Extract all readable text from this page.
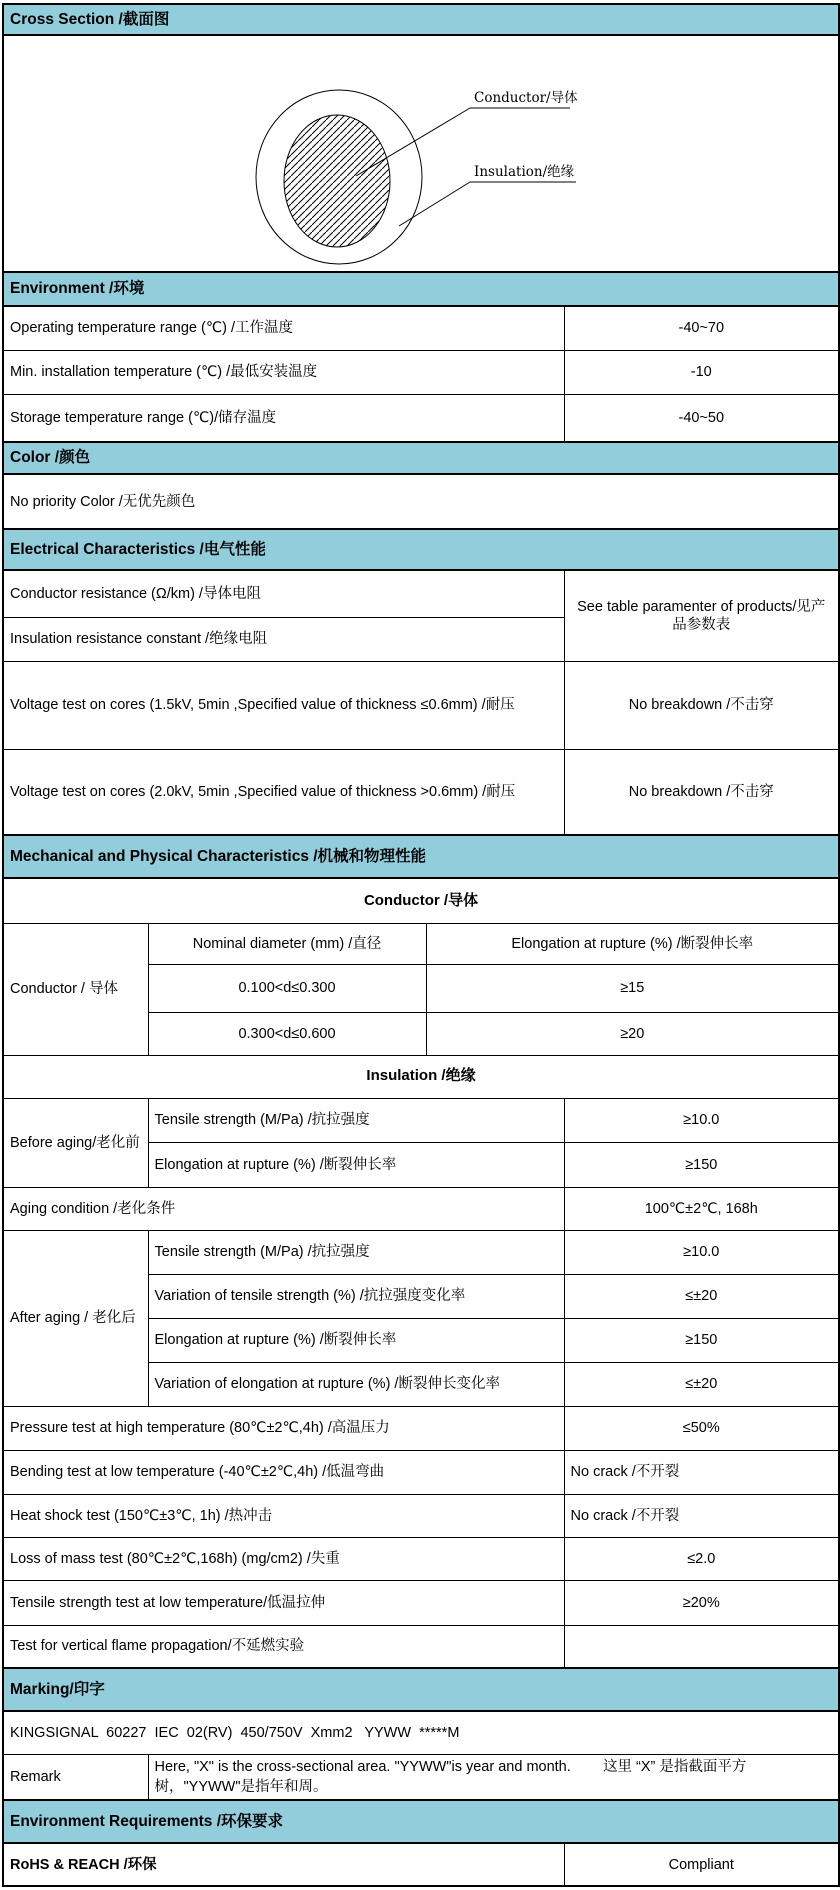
Cross Section /截面图			

Conductor/导体
Insulation/绝缘			

Environment /环境			
Operating temperature range (℃) /工作温度			-40~70
Min. installation temperature (℃) /最低安装温度			-10
Storage temperature range (℃)/储存温度			-40~50
Color /颜色			
No priority Color /无优先颜色			
Electrical Characteristics /电气性能			
Conductor resistance (Ω/km) /导体电阻			See table paramenter of products/见产品参数表
Insulation resistance constant /绝缘电阻			
Voltage test on cores (1.5kV, 5min ,Specified value of thickness ≤0.6mm) /耐压			No breakdown /不击穿
Voltage test on cores (2.0kV, 5min ,Specified value of thickness >0.6mm) /耐压			No breakdown /不击穿
Mechanical and Physical Characteristics /机械和物理性能			
Conductor /导体			
Conductor / 导体	Nominal diameter (mm) /直径	Elongation at rupture (%) /断裂伸长率	
	0.100<d≤0.300	≥15	
	0.300<d≤0.600	≥20	
Insulation /绝缘			
Before aging/老化前	Tensile strength (M/Pa) /抗拉强度		≥10.0
	Elongation at rupture (%) /断裂伸长率		≥150
Aging condition /老化条件			100℃±2℃, 168h
After aging / 老化后	Tensile strength (M/Pa) /抗拉强度		≥10.0
	Variation of tensile strength (%) /抗拉强度变化率		≤±20
	Elongation at rupture (%) /断裂伸长率		≥150
	Variation of elongation at rupture (%) /断裂伸长变化率		≤±20
Pressure test at high temperature (80℃±2℃,4h) /高温压力			≤50%
Bending test at low temperature (-40℃±2℃,4h) /低温弯曲			No crack /不开裂
Heat shock test (150℃±3℃, 1h) /热冲击			No crack /不开裂
Loss of mass test (80℃±2℃,168h) (mg/cm2) /失重			≤2.0
Tensile strength test at low temperature/低温拉伸			≥20%
Test for vertical flame propagation/不延燃实验			
Marking/印字			
KINGSIGNAL  60227  IEC  02(RV)  450/750V  Xmm2   YYWW  *****M			
Remark	Here, "X" is the cross-sectional area. "YYWW"is year and month.        这里 “X” 是指截面平方树，"YYWW"是指年和周。		
Environment Requirements /环保要求			
RoHS & REACH /环保			Compliant
